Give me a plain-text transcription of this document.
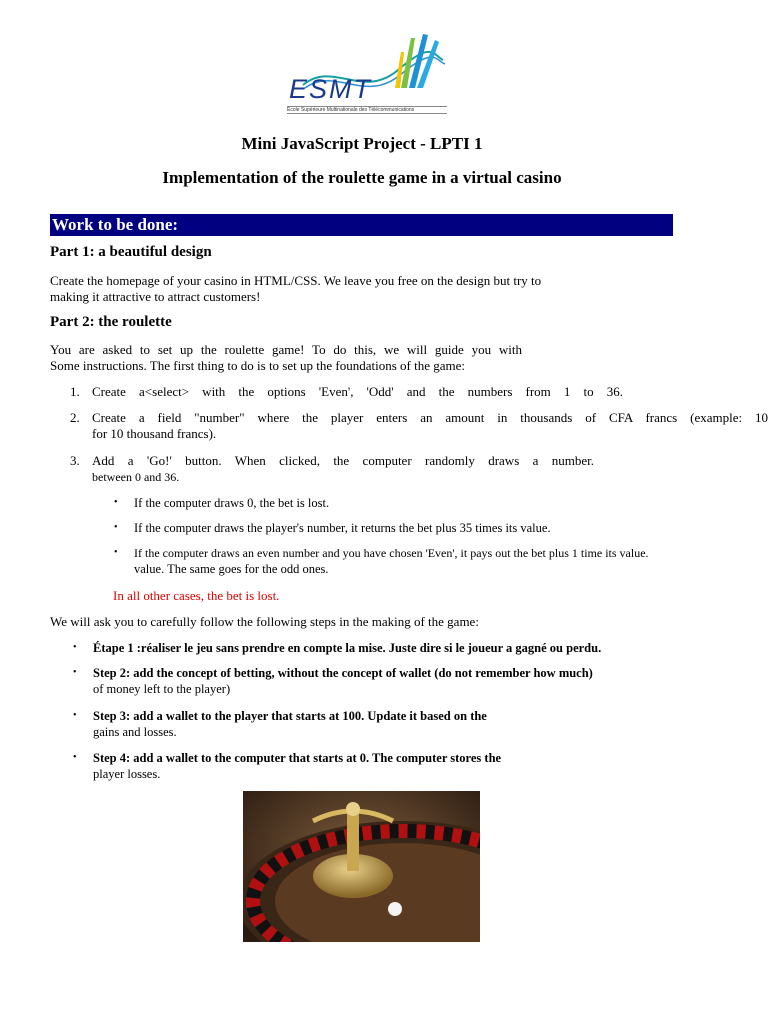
ESMT
École Supérieure Multinationale des Télécommunications
Mini JavaScript Project - LPTI 1
Implementation of the roulette game in a virtual casino
Work to be done:
Part 1: a beautiful design
Create the homepage of your casino in HTML/CSS. We leave you free on the design but try to
making it attractive to attract customers!
Part 2: the roulette
You are asked to set up the roulette game! To do this, we will guide you with
Some instructions. The first thing to do is to set up the foundations of the game:
1. Create a<select> with the options 'Even', 'Odd' and the numbers from 1 to 36.
2. Create a field "number" where the player enters an amount in thousands of CFA francs (example: 10
for 10 thousand francs).
3. Add a 'Go!' button. When clicked, the computer randomly draws a number.
between 0 and 36.
• If the computer draws 0, the bet is lost.
• If the computer draws the player's number, it returns the bet plus 35 times its value.
• If the computer draws an even number and you have chosen 'Even', it pays out the bet plus 1 time its value.
value. The same goes for the odd ones.
In all other cases, the bet is lost.
We will ask you to carefully follow the following steps in the making of the game:
• Étape 1 :réaliser le jeu sans prendre en compte la mise. Juste dire si le joueur a gagné ou perdu.
• Step 2: add the concept of betting, without the concept of wallet (do not remember how much)
of money left to the player)
• Step 3: add a wallet to the player that starts at 100. Update it based on the
gains and losses.
• Step 4: add a wallet to the computer that starts at 0. The computer stores the
player losses.
